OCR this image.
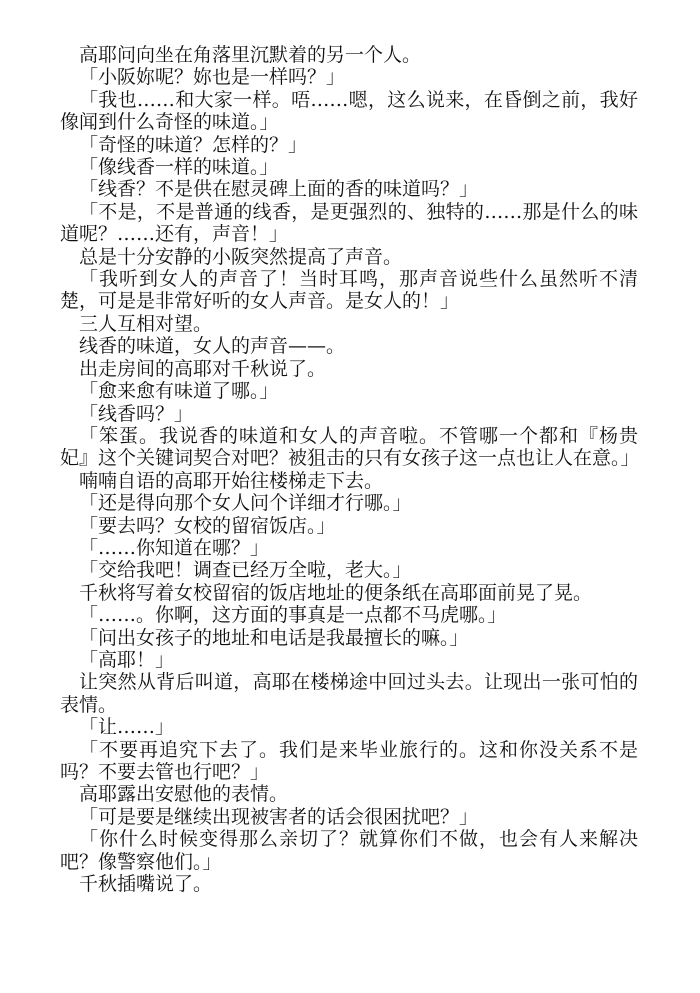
高耶问向坐在角落里沉默着的另一个人。

「小阪妳呢？妳也是一样吗？」

「我也……和大家一样。唔……嗯，这么说来，在昏倒之前，我好像闻到什么奇怪的味道。」

「奇怪的味道？怎样的？」

「像线香一样的味道。」

「线香？不是供在慰灵碑上面的香的味道吗？」

「不是，不是普通的线香，是更强烈的、独特的……那是什么的味道呢？……还有，声音！」

总是十分安静的小阪突然提高了声音。

「我听到女人的声音了！当时耳鸣，那声音说些什么虽然听不清楚，可是是非常好听的女人声音。是女人的！」

三人互相对望。

线香的味道，女人的声音——。

出走房间的高耶对千秋说了。

「愈来愈有味道了哪。」

「线香吗？」

「笨蛋。我说香的味道和女人的声音啦。不管哪一个都和『杨贵妃』这个关键词契合对吧？被狙击的只有女孩子这一点也让人在意。」

喃喃自语的高耶开始往楼梯走下去。

「还是得向那个女人问个详细才行哪。」

「要去吗？女校的留宿饭店。」

「……你知道在哪？」

「交给我吧！调查已经万全啦，老大。」

千秋将写着女校留宿的饭店地址的便条纸在高耶面前晃了晃。

「……。你啊，这方面的事真是一点都不马虎哪。」

「问出女孩子的地址和电话是我最擅长的嘛。」

「高耶！」

让突然从背后叫道，高耶在楼梯途中回过头去。让现出一张可怕的表情。

「让……」

「不要再追究下去了。我们是来毕业旅行的。这和你没关系不是吗？不要去管也行吧？」

高耶露出安慰他的表情。

「可是要是继续出现被害者的话会很困扰吧？」

「你什么时候变得那么亲切了？就算你们不做，也会有人来解决吧？像警察他们。」

千秋插嘴说了。
